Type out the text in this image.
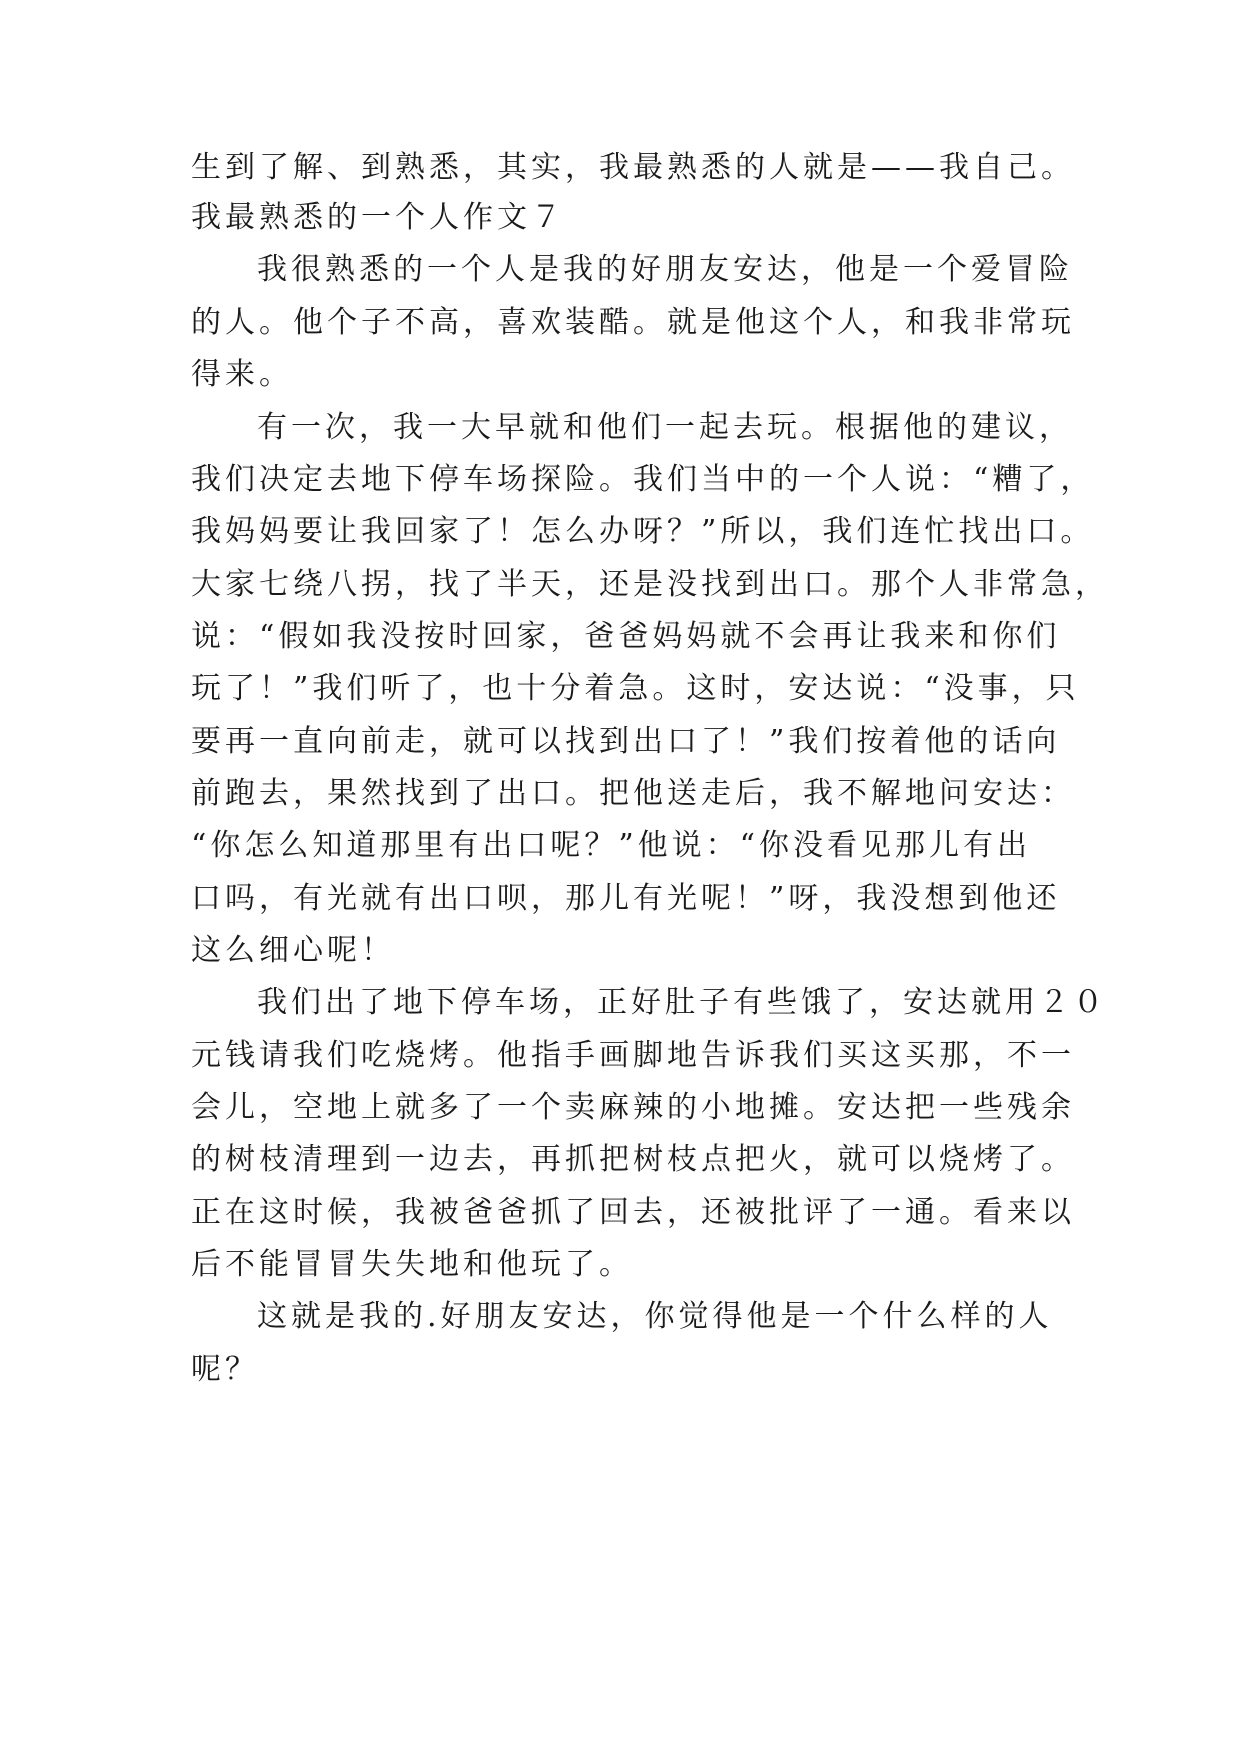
生到了解、到熟悉，其实，我最熟悉的人就是——我自己。
我最熟悉的一个人作文７
我很熟悉的一个人是我的好朋友安达，他是一个爱冒险
的人。他个子不高，喜欢装酷。就是他这个人，和我非常玩
得来。
有一次，我一大早就和他们一起去玩。根据他的建议，
我们决定去地下停车场探险。我们当中的一个人说：“糟了，
我妈妈要让我回家了！怎么办呀？”所以，我们连忙找出口。
大家七绕八拐，找了半天，还是没找到出口。那个人非常急，
说：“假如我没按时回家，爸爸妈妈就不会再让我来和你们
玩了！”我们听了，也十分着急。这时，安达说：“没事，只
要再一直向前走，就可以找到出口了！”我们按着他的话向
前跑去，果然找到了出口。把他送走后，我不解地问安达：
“你怎么知道那里有出口呢？”他说：“你没看见那儿有出
口吗，有光就有出口呗，那儿有光呢！”呀，我没想到他还
这么细心呢！
我们出了地下停车场，正好肚子有些饿了，安达就用２０
元钱请我们吃烧烤。他指手画脚地告诉我们买这买那，不一
会儿，空地上就多了一个卖麻辣的小地摊。安达把一些残余
的树枝清理到一边去，再抓把树枝点把火，就可以烧烤了。
正在这时候，我被爸爸抓了回去，还被批评了一通。看来以
后不能冒冒失失地和他玩了。
这就是我的.好朋友安达，你觉得他是一个什么样的人
呢？
